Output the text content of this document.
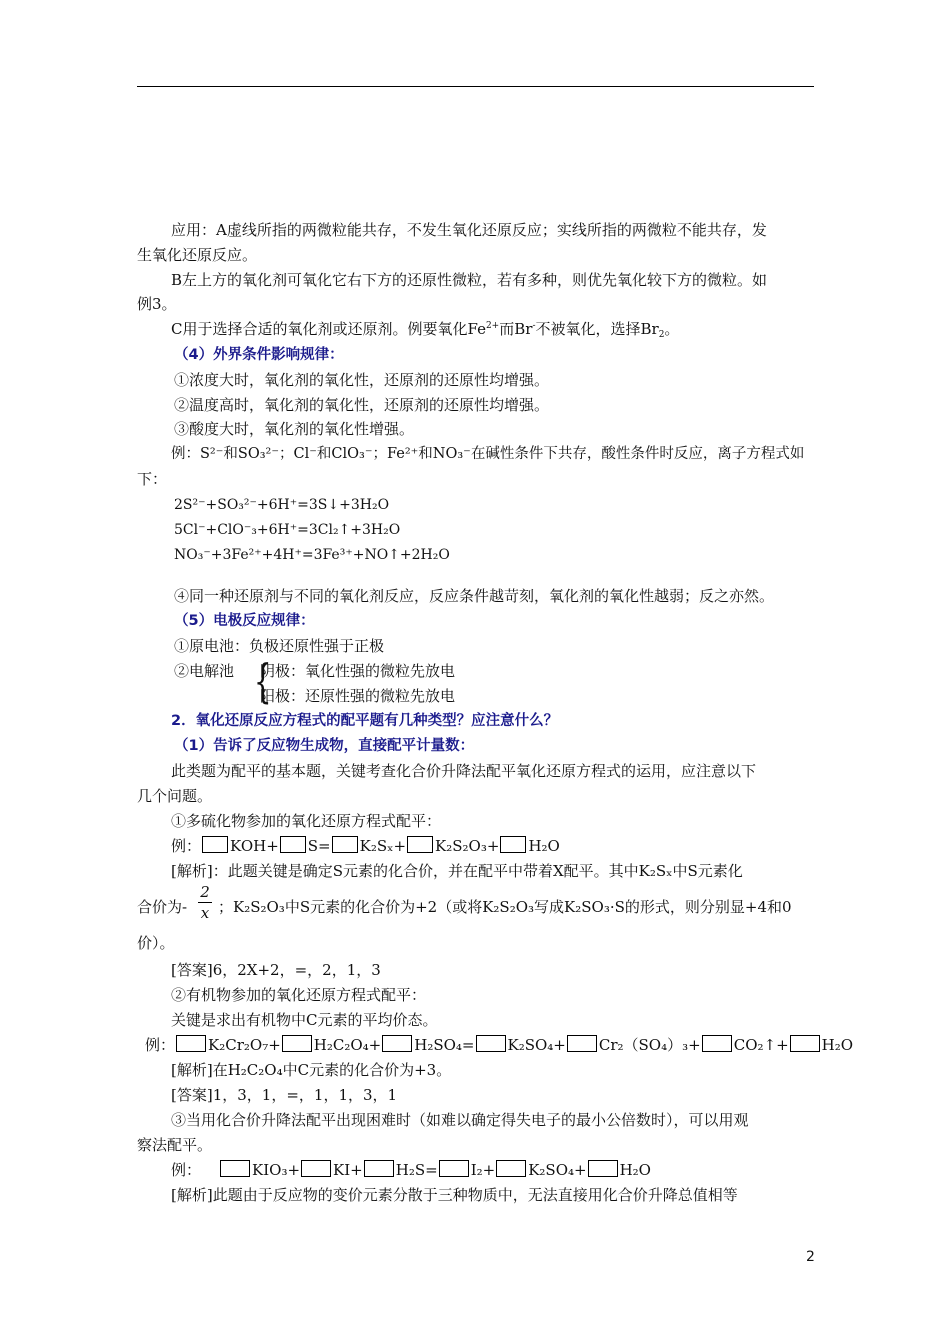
应用：A虚线所指的两微粒能共存，不发生氧化还原反应；实线所指的两微粒不能共存，发
生氧化还原反应。
B左上方的氧化剂可氧化它右下方的还原性微粒，若有多种，则优先氧化较下方的微粒。如
例3。
C用于选择合适的氧化剂或还原剂。例要氧化$Fe^{2+}$而Br-不被氧化，选择$Br_2$。
（4）外界条件影响规律：
①浓度大时，氧化剂的氧化性，还原剂的还原性均增强。
②温度高时，氧化剂的氧化性，还原剂的还原性均增强。
③酸度大时，氧化剂的氧化性增强。
例：S²⁻和SO₃²⁻；Cl⁻和ClO₃⁻；Fe²⁺和NO₃⁻在碱性条件下共存，酸性条件时反应，离子方程式如
下：
2S²⁻+SO₃²⁻+6H⁺=3S↓+3H₂O
5Cl⁻+ClO⁻₃+6H⁺=3Cl₂↑+3H₂O
NO₃⁻+3Fe²⁺+4H⁺=3Fe³⁺+NO↑+2H₂O
④同一种还原剂与不同的氧化剂反应，反应条件越苛刻，氧化剂的氧化性越弱；反之亦然。
（5）电极反应规律：
①原电池：负极还原性强于正极
②电解池 {
阴极：氧化性强的微粒先放电
阳极：还原性强的微粒先放电
2．氧化还原反应方程式的配平题有几种类型？应注意什么？
（1）告诉了反应物生成物，直接配平计量数：
此类题为配平的基本题，关键考查化合价升降法配平氧化还原方程式的运用，应注意以下
几个问题。
①多硫化物参加的氧化还原方程式配平：
例： KOH+ S= K₂Sₓ+ K₂S₂O₃+ H₂O
[解析]：此题关键是确定S元素的化合价，并在配平中带着X配平。其中K₂Sₓ中S元素化
合价为-
2
x ；K₂S₂O₃中S元素的化合价为+2（或将K₂S₂O₃写成K₂SO₃·S的形式，则分别显+4和0
价）。
[答案]6，2X+2，=，2，1，3
②有机物参加的氧化还原方程式配平：
关键是求出有机物中C元素的平均价态。
例： K₂Cr₂O₇+ H₂C₂O₄+ H₂SO₄= K₂SO₄+ Cr₂（SO₄）₃+ CO₂↑+ H₂O
[解析]在H₂C₂O₄中C元素的化合价为+3。
[答案]1，3，1，=，1，1，3，1
③当用化合价升降法配平出现困难时（如难以确定得失电子的最小公倍数时），可以用观
察法配平。
例：	KIO₃+ KI+ H₂S= I₂+ K₂SO₄+ H₂O
[解析]此题由于反应物的变价元素分散于三种物质中，无法直接用化合价升降总值相等
2
